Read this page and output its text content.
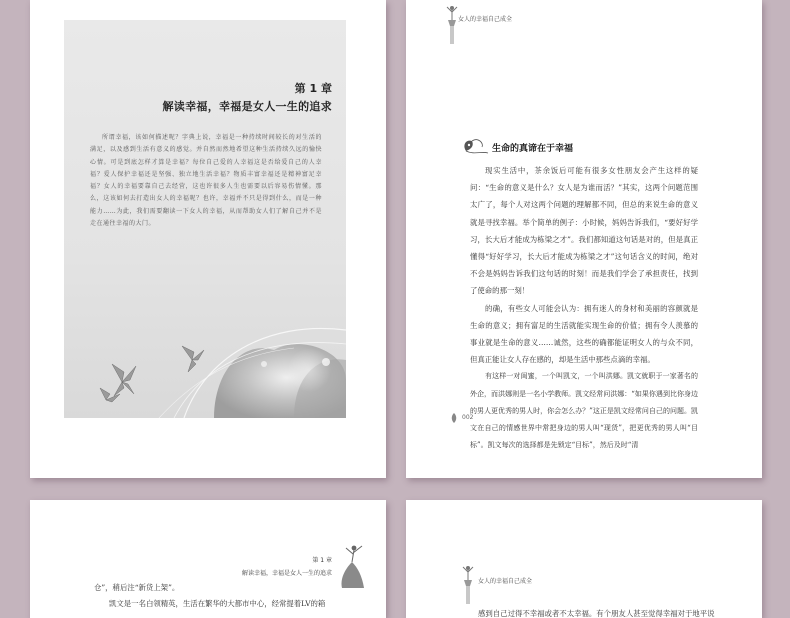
第 1 章
解读幸福，幸福是女人一生的追求
所谓幸福，该如何描述呢？字典上说，幸福是一种持续时间较长的对生活的满足，以及感到生活有意义的感觉。并自然而然地希望这种生活持续久远的愉快心情。可是到底怎样才算是幸福？每位自己爱的人幸福这是否给爱自己的人幸福？爱人保护幸福还是坚强、独立地生活幸福？物质丰富幸福还是精神富足幸福？女人的幸福要靠自己去经营，这也许很多人生也需要以后容易伤情懂。那么，这该如何去打造出女人的幸福呢？也许，幸福并不只是得到什么，而是一种能力……为此，我们需要翻读一下女人的幸福，从而帮助女人们了解自己并不是走在通往幸福的大门。
女人的幸福自己成全
生命的真谛在于幸福

现实生活中，茶余饭后可能有很多女性朋友会产生这样的疑问：“生命的意义是什么？女人是为谁而活？”其实，这两个问题范围太广了，每个人对这两个问题的理解都不同，但总的来说生命的意义就是寻找幸福。举个简单的例子：小时候，妈妈告诉我们，“要好好学习，长大后才能成为栋梁之才”。我们都知道这句话是对的，但是真正懂得“好好学习，长大后才能成为栋梁之才”这句话含义的时间，绝对不会是妈妈告诉我们这句话的时刻！而是我们学会了承担责任，找到了使命的那一刻！

的确，有些女人可能会认为：拥有迷人的身材和美丽的容颜就是生命的意义；拥有富足的生活就能实现生命的价值；拥有令人羡慕的事业就是生命的意义……诚然，这些的确都能证明女人的与众不同，但真正能让女人存在感的，却是生活中那些点滴的幸福。

有这样一对闺蜜，一个叫凯文，一个叫洪娜。凯文就职于一家著名的外企，而洪娜则是一名小学教师。凯文经常问洪娜：“如果你遇到比你身边的男人更优秀的男人时，你会怎么办？”这正是凯文经常问自己的问题。凯文在自己的情感世界中常把身边的男人叫“现货”，把更优秀的男人叫“目标”。凯文每次的选择都是先锁定“目标”，然后及时“清

002
第 1 章
解读幸福，幸福是女人一生的追求
仓”，稍后注“新货上架”。
凯文是一名白领精英，生活在繁华的大都市中心，经常提着LV的箱
女人的幸福自己成全
感到自己过得不幸福或者不太幸福。有个朋友人甚至觉得幸福对于地平说
